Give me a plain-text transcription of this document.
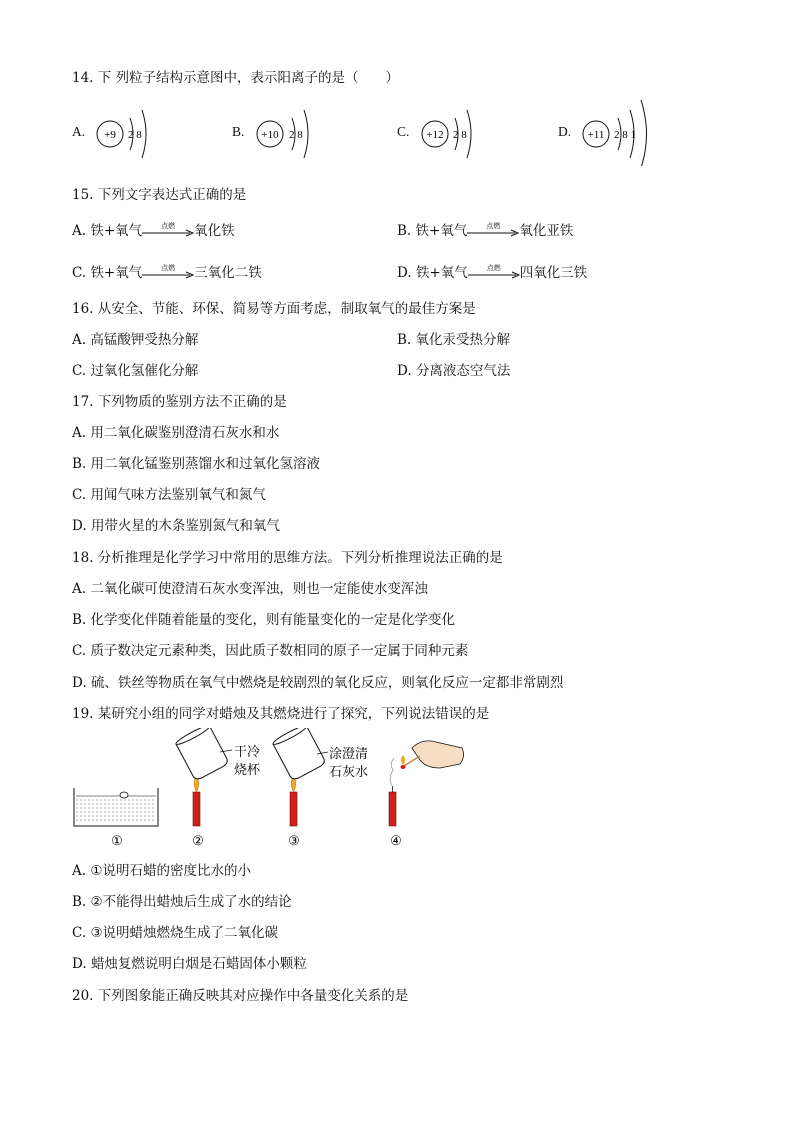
14. 下 列粒子结构示意图中，表示阳离子的是（　　）
A. +9 2 8	B. +10 2 8	C. +12 2 8	D. +11 2 8 1
15. 下列文字表达式正确的是
A. 铁+氧气	点燃	氧化铁	B. 铁+氧气	点燃	氧化亚铁
C. 铁+氧气	点燃	三氧化二铁	D. 铁+氧气	点燃	四氧化三铁
16. 从安全、节能、环保、简易等方面考虑，制取氧气的最佳方案是
A. 高锰酸钾受热分解	B. 氧化汞受热分解
C. 过氧化氢催化分解	D. 分离液态空气法
17. 下列物质的鉴别方法不正确的是
A. 用二氧化碳鉴别澄清石灰水和水
B. 用二氧化锰鉴别蒸馏水和过氧化氢溶液
C. 用闻气味方法鉴别氧气和氮气
D. 用带火星的木条鉴别氮气和氧气
18. 分析推理是化学学习中常用的思维方法。下列分析推理说法正确的是
A. 二氧化碳可使澄清石灰水变浑浊，则也一定能使水变浑浊
B. 化学变化伴随着能量的变化，则有能量变化的一定是化学变化
C. 质子数决定元素种类，因此质子数相同的原子一定属于同种元素
D. 硫、铁丝等物质在氧气中燃烧是较剧烈的氧化反应，则氧化反应一定都非常剧烈
19. 某研究小组的同学对蜡烛及其燃烧进行了探究，下列说法错误的是
①
干冷
烧杯
②
涂澄清
石灰水
③	④
A. ①说明石蜡的密度比水的小
B. ②不能得出蜡烛后生成了水的结论
C. ③说明蜡烛燃烧生成了二氧化碳
D. 蜡烛复燃说明白烟是石蜡固体小颗粒
20. 下列图象能正确反映其对应操作中各量变化关系的是
